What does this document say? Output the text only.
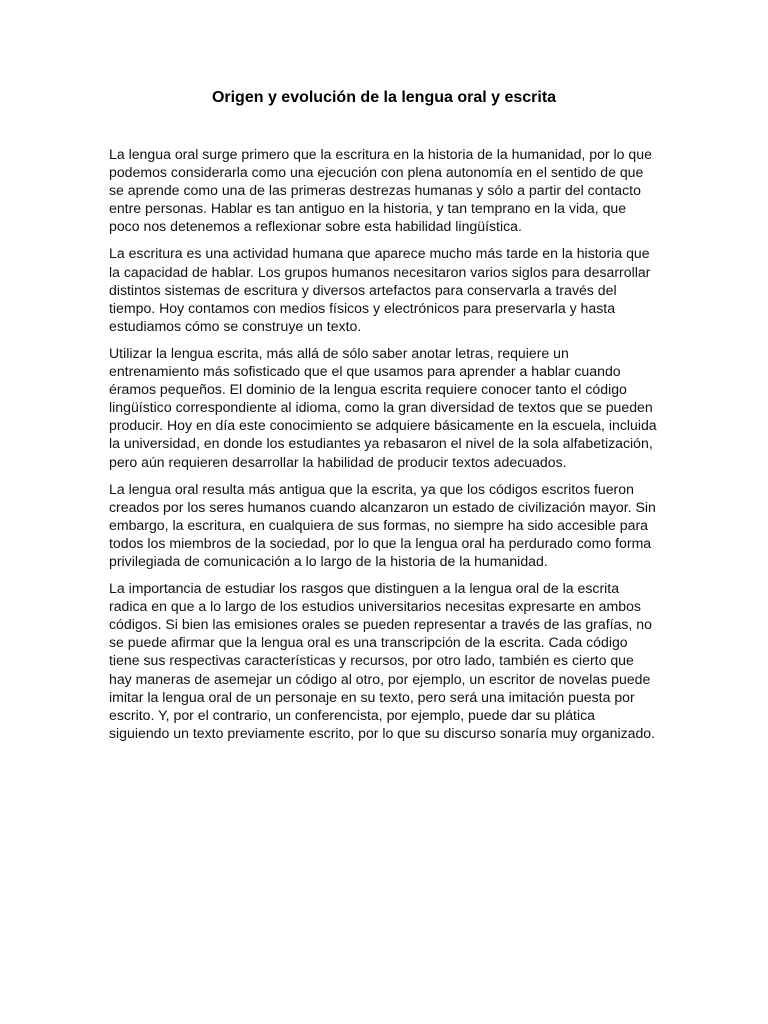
Origen y evolución de la lengua oral y escrita

La lengua oral surge primero que la escritura en la historia de la humanidad, por lo que podemos considerarla como una ejecución con plena autonomía en el sentido de que se aprende como una de las primeras destrezas humanas y sólo a partir del contacto entre personas. Hablar es tan antiguo en la historia, y tan temprano en la vida, que poco nos detenemos a reflexionar sobre esta habilidad lingüística.

La escritura es una actividad humana que aparece mucho más tarde en la historia que la capacidad de hablar. Los grupos humanos necesitaron varios siglos para desarrollar distintos sistemas de escritura y diversos artefactos para conservarla a través del tiempo. Hoy contamos con medios físicos y electrónicos para preservarla y hasta estudiamos cómo se construye un texto.

Utilizar la lengua escrita, más allá de sólo saber anotar letras, requiere un entrenamiento más sofisticado que el que usamos para aprender a hablar cuando éramos pequeños. El dominio de la lengua escrita requiere conocer tanto el código lingüístico correspondiente al idioma, como la gran diversidad de textos que se pueden producir. Hoy en día este conocimiento se adquiere básicamente en la escuela, incluida la universidad, en donde los estudiantes ya rebasaron el nivel de la sola alfabetización, pero aún requieren desarrollar la habilidad de producir textos adecuados.

La lengua oral resulta más antigua que la escrita, ya que los códigos escritos fueron creados por los seres humanos cuando alcanzaron un estado de civilización mayor. Sin embargo, la escritura, en cualquiera de sus formas, no siempre ha sido accesible para todos los miembros de la sociedad, por lo que la lengua oral ha perdurado como forma privilegiada de comunicación a lo largo de la historia de la humanidad.

La importancia de estudiar los rasgos que distinguen a la lengua oral de la escrita radica en que a lo largo de los estudios universitarios necesitas expresarte en ambos códigos. Si bien las emisiones orales se pueden representar a través de las grafías, no se puede afirmar que la lengua oral es una transcripción de la escrita. Cada código tiene sus respectivas características y recursos, por otro lado, también es cierto que hay maneras de asemejar un código al otro, por ejemplo, un escritor de novelas puede imitar la lengua oral de un personaje en su texto, pero será una imitación puesta por escrito. Y, por el contrario, un conferencista, por ejemplo, puede dar su plática siguiendo un texto previamente escrito, por lo que su discurso sonaría muy organizado.
